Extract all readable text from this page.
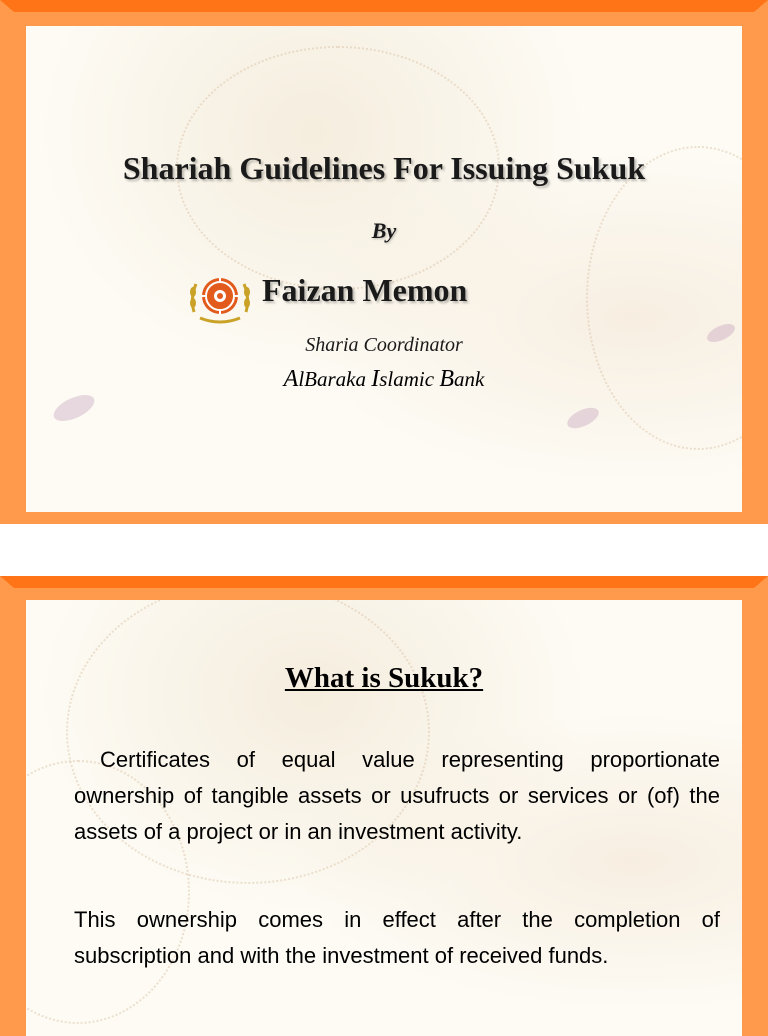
Shariah Guidelines For Issuing Sukuk
By
Faizan Memon
Sharia Coordinator
AlBaraka Islamic Bank
What is Sukuk?

Certificates of equal value representing proportionate ownership of tangible assets or usufructs or services or (of) the assets of a project or in an investment activity.

This ownership comes in effect after the completion of subscription and with the investment of received funds.
